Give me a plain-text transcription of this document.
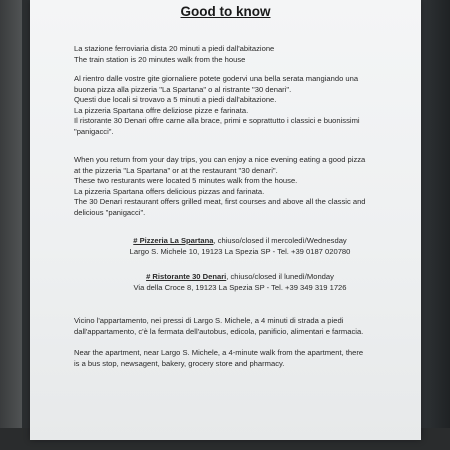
Good to know

La stazione ferroviaria dista 20 minuti a piedi dall'abitazione

The train station is 20 minutes walk from the house

Al rientro dalle vostre gite giornaliere potete godervi una bella serata mangiando una

buona pizza alla pizzeria "La Spartana" o al ristrante "30 denari".

Questi due locali si trovavo a 5 minuti a piedi dall'abitazione.

La pizzeria Spartana offre deliziose pizze e farinata.

Il ristorante 30 Denari offre carne alla brace, primi e soprattutto i classici e buonissimi

"panigacci".

When you return from your day trips, you can enjoy a nice evening eating a good pizza

at the pizzeria "La Spartana" or at the restaurant "30 denari".

These two resturants were located 5 minutes walk from the house.

La pizzeria Spartana offers delicious pizzas and farinata.

The 30 Denari restaurant offers grilled meat, first courses and above all the classic and

delicious "panigacci".

# Pizzeria La Spartana, chiuso/closed il mercoledì/Wednesday

Largo S. Michele 10, 19123 La Spezia SP - Tel. +39 0187 020780

# Ristorante 30 Denari, chiuso/closed il lunedì/Monday

Via della Croce 8, 19123 La Spezia SP - Tel. +39 349 319 1726

Vicino l'appartamento, nei pressi di Largo S. Michele, a 4 minuti di strada a piedi

dall'appartamento, c'è la fermata dell'autobus, edicola, panificio, alimentari e farmacia.

Near the apartment, near Largo S. Michele, a 4-minute walk from the apartment, there

is a bus stop, newsagent, bakery, grocery store and pharmacy.
